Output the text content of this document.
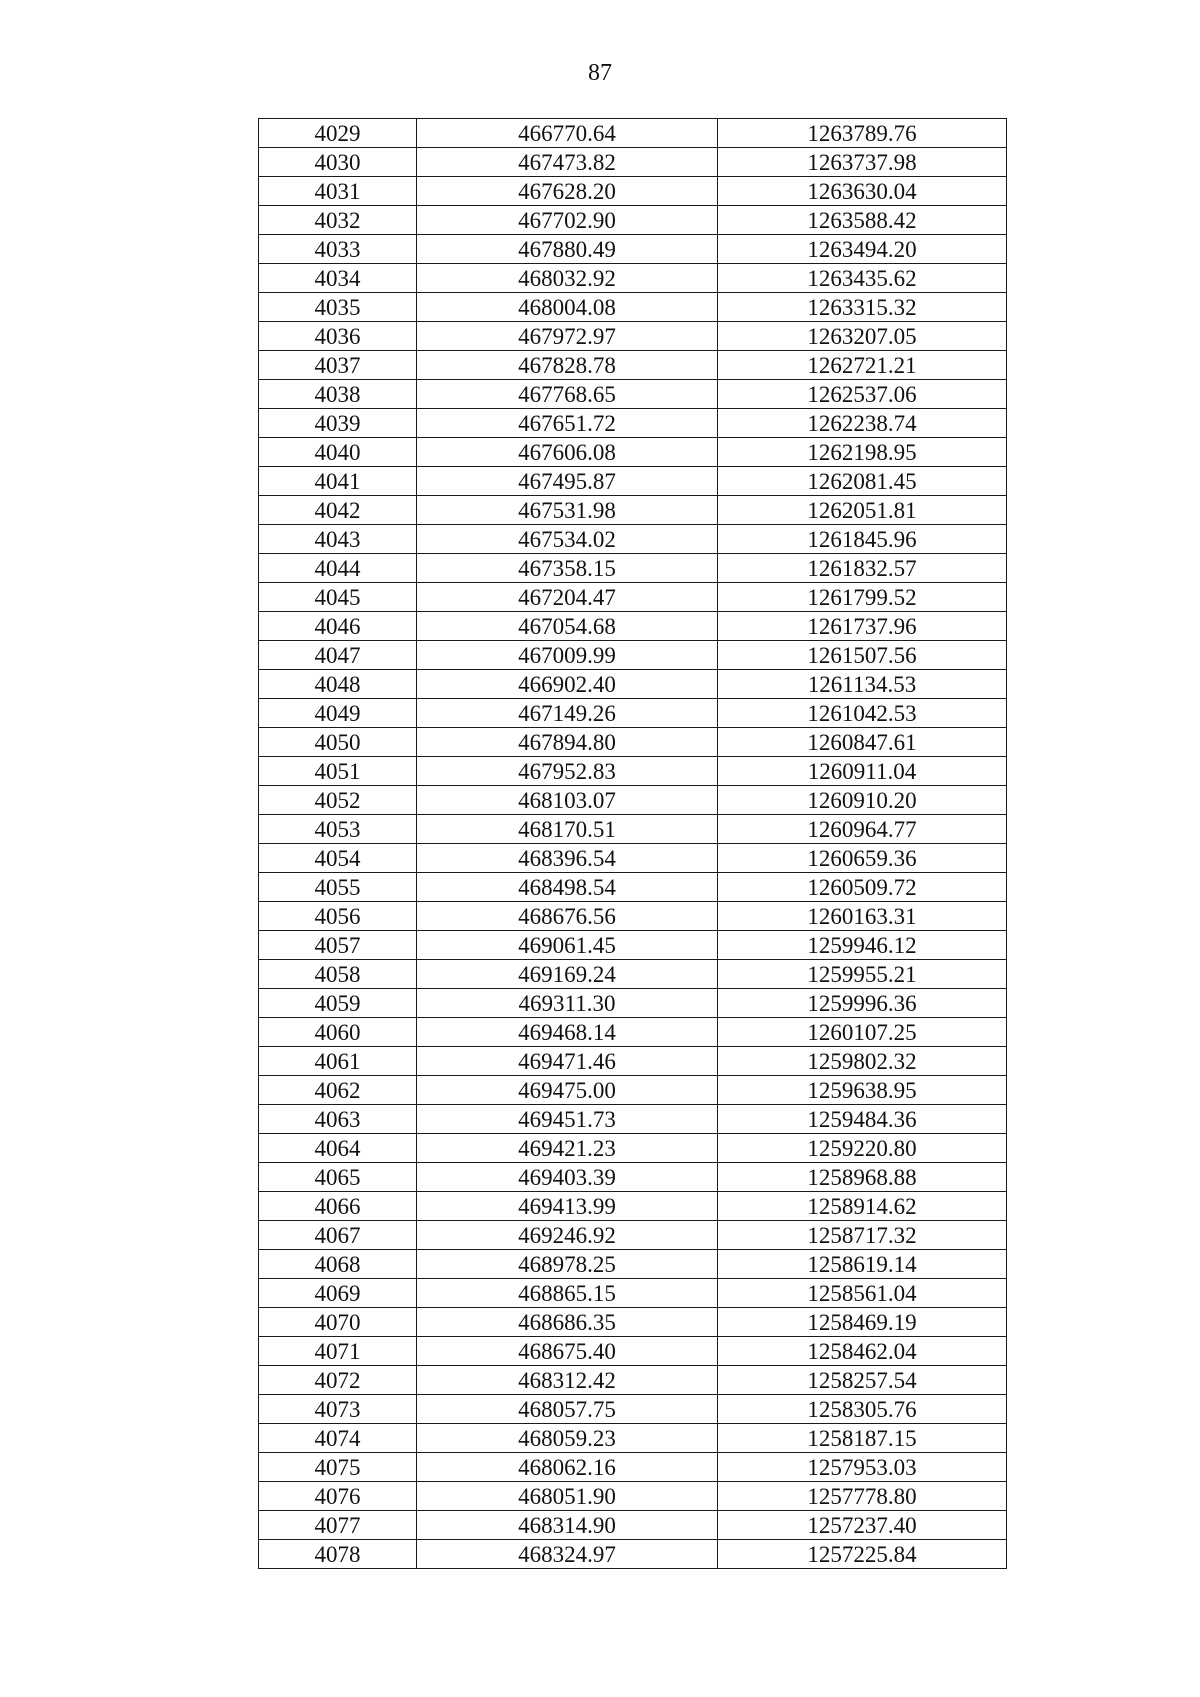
87
4029	466770.64	1263789.76
4030	467473.82	1263737.98
4031	467628.20	1263630.04
4032	467702.90	1263588.42
4033	467880.49	1263494.20
4034	468032.92	1263435.62
4035	468004.08	1263315.32
4036	467972.97	1263207.05
4037	467828.78	1262721.21
4038	467768.65	1262537.06
4039	467651.72	1262238.74
4040	467606.08	1262198.95
4041	467495.87	1262081.45
4042	467531.98	1262051.81
4043	467534.02	1261845.96
4044	467358.15	1261832.57
4045	467204.47	1261799.52
4046	467054.68	1261737.96
4047	467009.99	1261507.56
4048	466902.40	1261134.53
4049	467149.26	1261042.53
4050	467894.80	1260847.61
4051	467952.83	1260911.04
4052	468103.07	1260910.20
4053	468170.51	1260964.77
4054	468396.54	1260659.36
4055	468498.54	1260509.72
4056	468676.56	1260163.31
4057	469061.45	1259946.12
4058	469169.24	1259955.21
4059	469311.30	1259996.36
4060	469468.14	1260107.25
4061	469471.46	1259802.32
4062	469475.00	1259638.95
4063	469451.73	1259484.36
4064	469421.23	1259220.80
4065	469403.39	1258968.88
4066	469413.99	1258914.62
4067	469246.92	1258717.32
4068	468978.25	1258619.14
4069	468865.15	1258561.04
4070	468686.35	1258469.19
4071	468675.40	1258462.04
4072	468312.42	1258257.54
4073	468057.75	1258305.76
4074	468059.23	1258187.15
4075	468062.16	1257953.03
4076	468051.90	1257778.80
4077	468314.90	1257237.40
4078	468324.97	1257225.84
